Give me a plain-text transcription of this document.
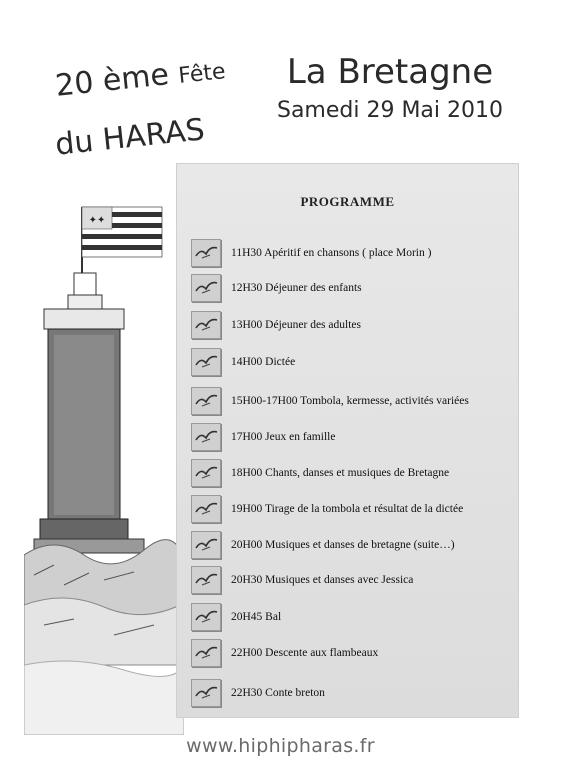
20 ème Fête
du HARAS
La Bretagne
Samedi 29 Mai 2010
✦✦
PROGRAMME
11H30 Apéritif en chansons ( place Morin )
12H30 Déjeuner des enfants
13H00 Déjeuner des adultes
14H00 Dictée
15H00-17H00 Tombola, kermesse, activités variées
17H00 Jeux en famille
18H00 Chants, danses et musiques de Bretagne
19H00 Tirage de la tombola et résultat de la dictée
20H00 Musiques et danses de bretagne (suite…)
20H30 Musiques et danses avec Jessica
20H45 Bal
22H00 Descente aux flambeaux
22H30 Conte breton
www.hiphipharas.fr
